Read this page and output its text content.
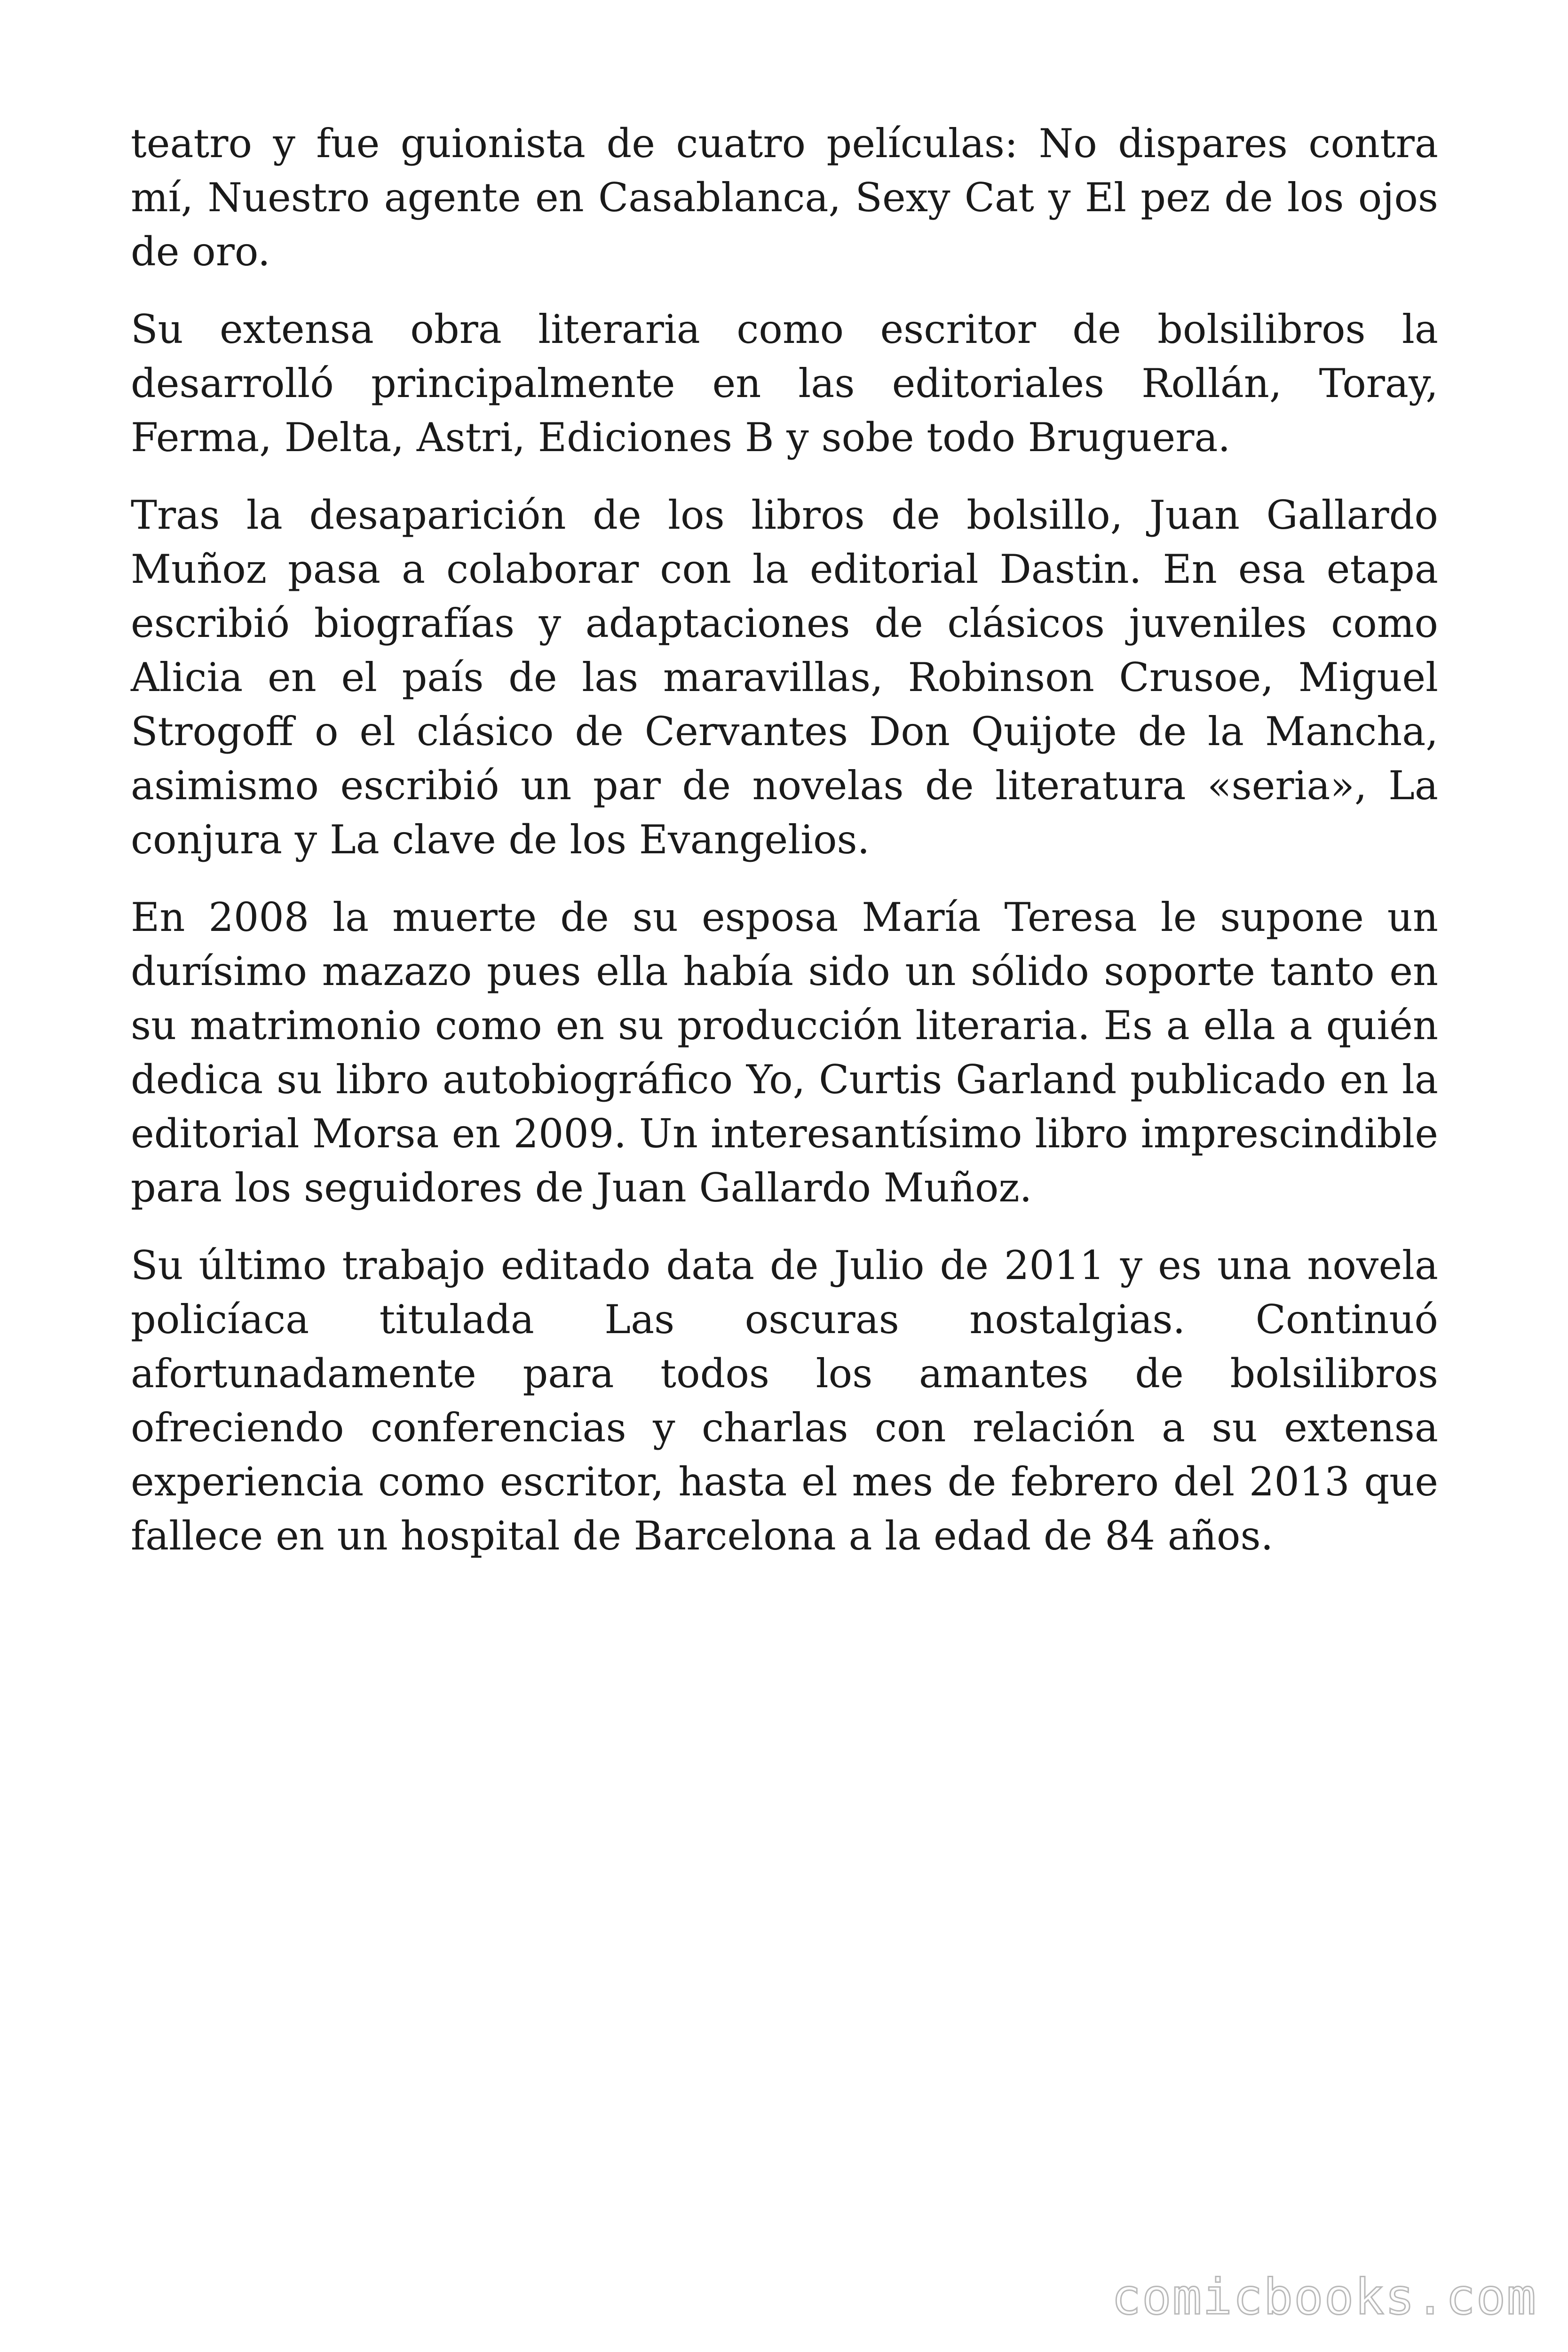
teatro y fue guionista de cuatro películas: No dispares contra mí, Nuestro agente en Casablanca, Sexy Cat y El pez de los ojos de oro.

Su extensa obra literaria como escritor de bolsilibros la desarrolló principalmente en las editoriales Rollán, Toray, Ferma, Delta, Astri, Ediciones B y sobe todo Bruguera.

Tras la desaparición de los libros de bolsillo, Juan Gallardo Muñoz pasa a colaborar con la editorial Dastin. En esa etapa escribió biografías y adaptaciones de clásicos juveniles como Alicia en el país de las maravillas, Robinson Crusoe, Miguel Strogoff o el clásico de Cervantes Don Quijote de la Mancha, asimismo escribió un par de novelas de literatura «seria», La conjura y La clave de los Evangelios.

En 2008 la muerte de su esposa María Teresa le supone un durísimo mazazo pues ella había sido un sólido soporte tanto en su matrimonio como en su producción literaria. Es a ella a quién dedica su libro autobiográfico Yo, Curtis Garland publicado en la editorial Morsa en 2009. Un interesantísimo libro imprescindible para los seguidores de Juan Gallardo Muñoz.

Su último trabajo editado data de Julio de 2011 y es una novela policíaca titulada Las oscuras nostalgias. Continuó afortunadamente para todos los amantes de bolsilibros ofreciendo conferencias y charlas con relación a su extensa experiencia como escritor, hasta el mes de febrero del 2013 que fallece en un hospital de Barcelona a la edad de 84 años.

comicbooks.com
